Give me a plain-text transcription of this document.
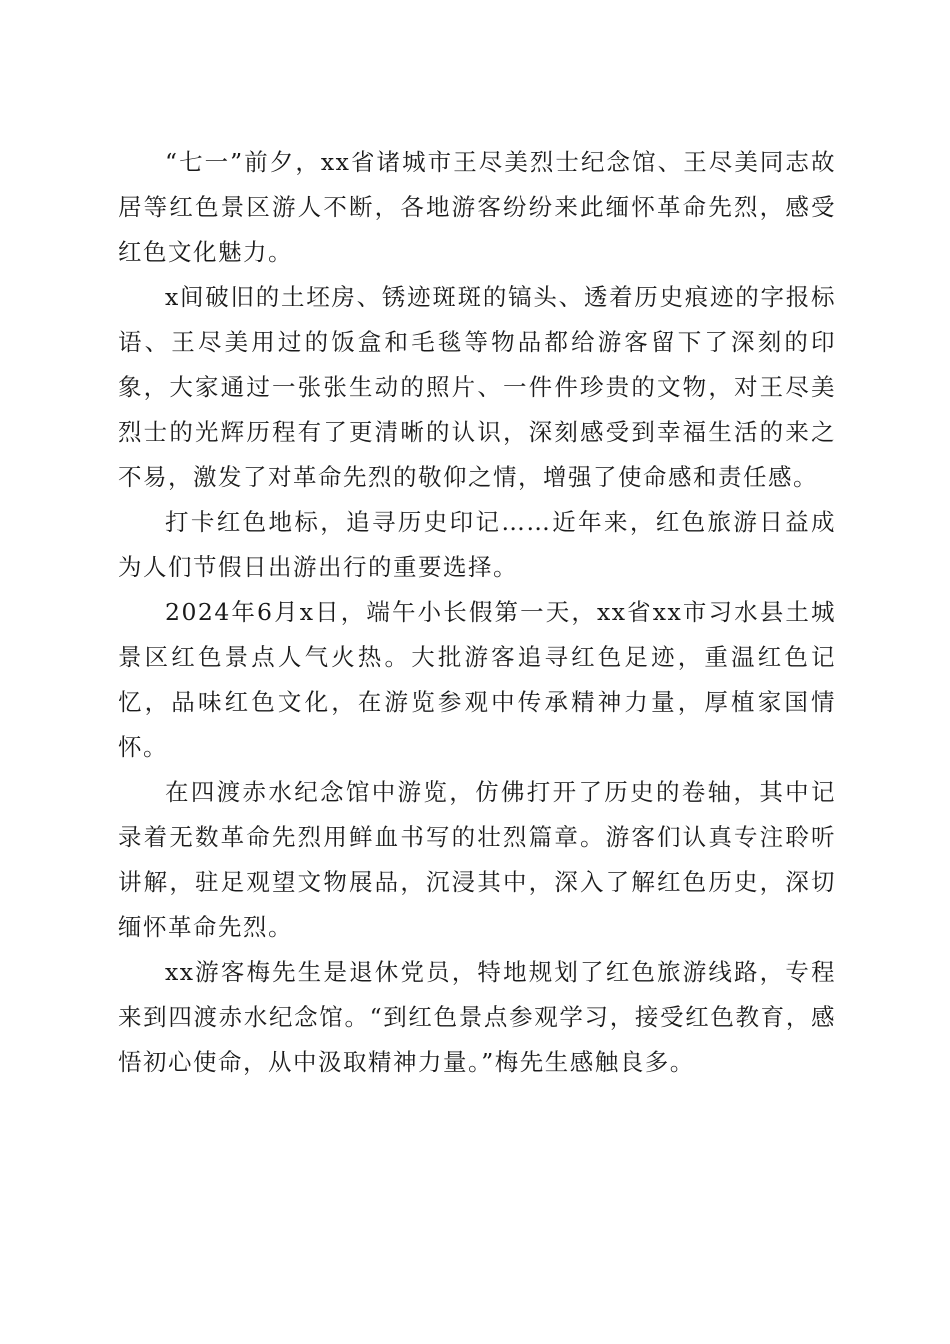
“七一”前夕，xx省诸城市王尽美烈士纪念馆、王尽美同志故居等红色景区游人不断，各地游客纷纷来此缅怀革命先烈，感受红色文化魅力。

x间破旧的土坯房、锈迹斑斑的镐头、透着历史痕迹的字报标语、王尽美用过的饭盒和毛毯等物品都给游客留下了深刻的印象，大家通过一张张生动的照片、一件件珍贵的文物，对王尽美烈士的光辉历程有了更清晰的认识，深刻感受到幸福生活的来之不易，激发了对革命先烈的敬仰之情，增强了使命感和责任感。

打卡红色地标，追寻历史印记……近年来，红色旅游日益成为人们节假日出游出行的重要选择。

2024年6月x日，端午小长假第一天，xx省xx市习水县土城景区红色景点人气火热。大批游客追寻红色足迹，重温红色记忆，品味红色文化，在游览参观中传承精神力量，厚植家国情怀。

在四渡赤水纪念馆中游览，仿佛打开了历史的卷轴，其中记录着无数革命先烈用鲜血书写的壮烈篇章。游客们认真专注聆听讲解，驻足观望文物展品，沉浸其中，深入了解红色历史，深切缅怀革命先烈。

xx游客梅先生是退休党员，特地规划了红色旅游线路，专程来到四渡赤水纪念馆。“到红色景点参观学习，接受红色教育，感悟初心使命，从中汲取精神力量。”梅先生感触良多。
